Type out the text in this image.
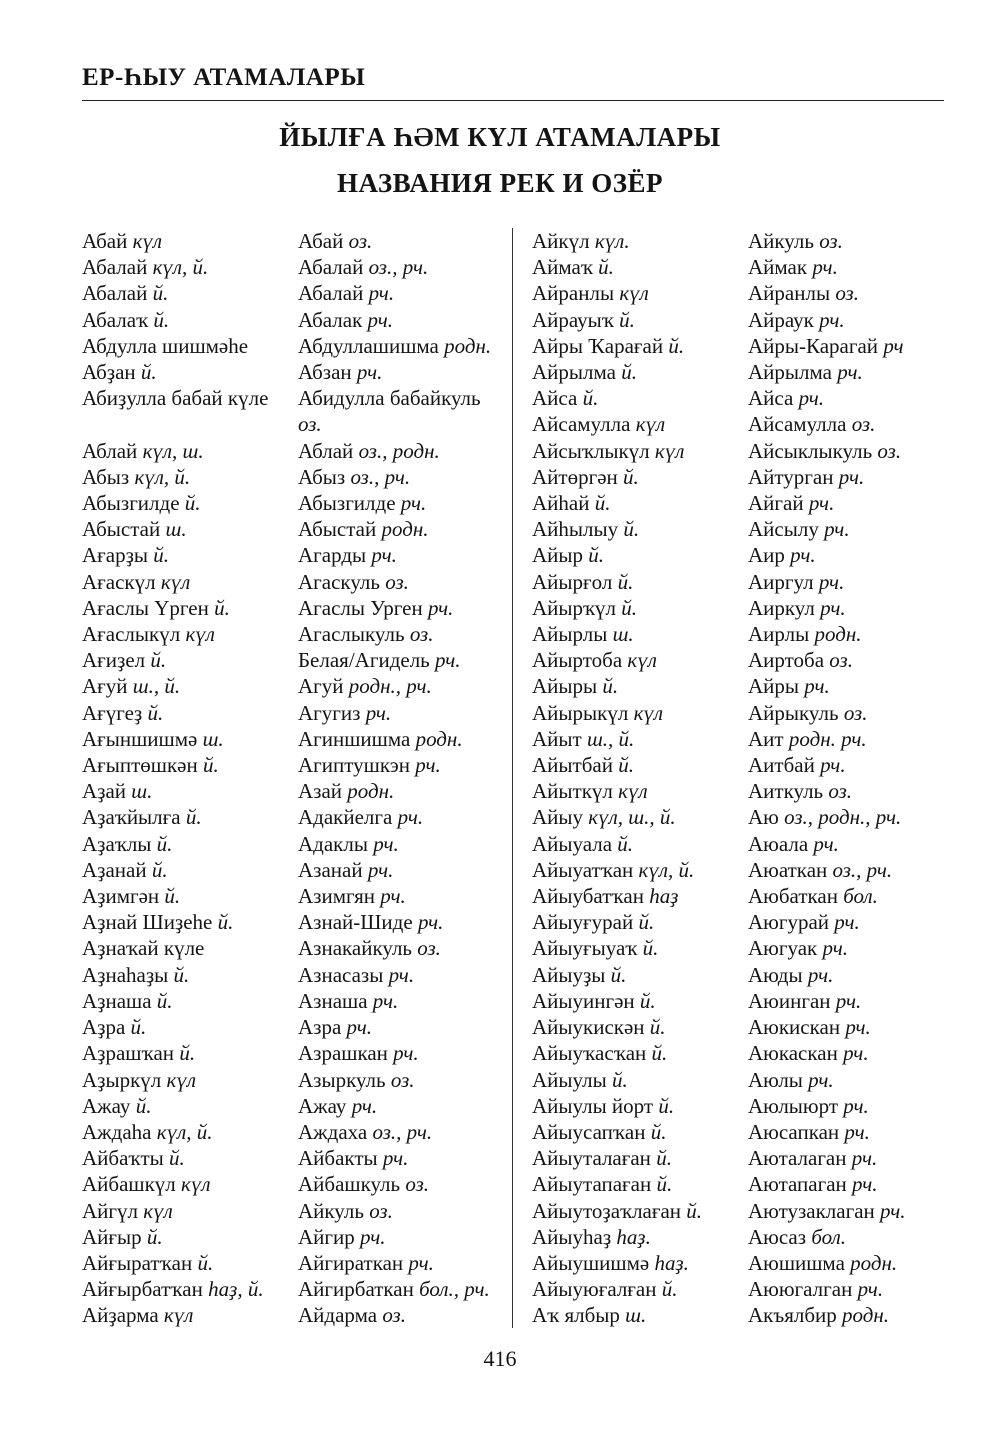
ЕР-ҺЫУ АТАМАЛАРЫ
ЙЫЛҒА ҺӘМ КҮЛ АТАМАЛАРЫ
НАЗВАНИЯ РЕК И ОЗЁР
Абай күл	Абай оз.
Абалай күл, й.	Абалай оз., рч.
Абалай й.	Абалай рч.
Абалаҡ й.	Абалак рч.
Абдулла шишмәһе	Абдуллашишма родн.
Абҙан й.	Абзан рч.
Абиҙулла бабай күле	Абидулла бабайкуль оз.
Аблай күл, ш.	Аблай оз., родн.
Абыз күл, й.	Абыз оз., рч.
Абызгилде й.	Абызгилде рч.
Абыстай ш.	Абыстай родн.
Ағарҙы й.	Агарды рч.
Ағаскүл күл	Агаскуль оз.
Ағаслы Үрген й.	Агаслы Урген рч.
Ағаслыкүл күл	Агаслыкуль оз.
Ағиҙел й.	Белая/Агидель рч.
Ағуй ш., й.	Агуй родн., рч.
Ағүгеҙ й.	Агугиз рч.
Ағыншишмә ш.	Агиншишма родн.
Ағыптөшкән й.	Агиптушкэн рч.
Аҙай ш.	Азай родн.
Аҙаҡйылға й.	Адакйелга рч.
Аҙаҡлы й.	Адаклы рч.
Аҙанай й.	Азанай рч.
Аҙимгән й.	Азимгян рч.
Аҙнай Шиҙеһе й.	Азнай-Шиде рч.
Аҙнаҡай күле	Азнакайкуль оз.
Аҙнаһаҙы й.	Азнасазы рч.
Аҙнаша й.	Азнаша рч.
Аҙра й.	Азра рч.
Аҙрашҡан й.	Азрашкан рч.
Аҙыркүл күл	Азыркуль оз.
Ажау й.	Ажау рч.
Аждаһа күл, й.	Аждаха оз., рч.
Айбаҡты й.	Айбакты рч.
Айбашкүл күл	Айбашкуль оз.
Айгүл күл	Айкуль оз.
Айғыр й.	Айгир рч.
Айғыратҡан й.	Айгираткан рч.
Айғырбатҡан һаҙ, й.	Айгирбаткан бол., рч.
Айҙарма күл	Айдарма оз.
Айкүл күл.	Айкуль оз.
Аймаҡ й.	Аймак рч.
Айранлы күл	Айранлы оз.
Айрауыҡ й.	Айраук рч.
Айры Ҡарағай й.	Айры-Карагай рч
Айрылма й.	Айрылма рч.
Айса й.	Айса рч.
Айсамулла күл	Айсамулла оз.
Айсыҡлыкүл күл	Айсыклыкуль оз.
Айтөргән й.	Айтурган рч.
Айһай й.	Айгай рч.
Айһылыу й.	Айсылу рч.
Айыр й.	Аир рч.
Айырғол й.	Аиргул рч.
Айырҡүл й.	Аиркул рч.
Айырлы ш.	Аирлы родн.
Айыртоба күл	Аиртоба оз.
Айыры й.	Айры рч.
Айырыкүл күл	Айрыкуль оз.
Айыт ш., й.	Аит родн. рч.
Айытбай й.	Аитбай рч.
Айыткүл күл	Аиткуль оз.
Айыу күл, ш., й.	Аю оз., родн., рч.
Айыуала й.	Аюала рч.
Айыуатҡан күл, й.	Аюаткан оз., рч.
Айыубатҡан һаҙ	Аюбаткан бол.
Айыуғурай й.	Аюгурай рч.
Айыуғыуаҡ й.	Аюгуак рч.
Айыуҙы й.	Аюды рч.
Айыуингән й.	Аюинган рч.
Айыукискән й.	Аюкискан рч.
Айыуҡасҡан й.	Аюкаскан рч.
Айыулы й.	Аюлы рч.
Айыулы йорт й.	Аюлыюрт рч.
Айыусапҡан й.	Аюсапкан рч.
Айыуталаған й.	Аюталаган рч.
Айыутапаған й.	Аютапаган рч.
Айыутоҙаҡлаған й.	Аютузаклаган рч.
Айыуһаҙ һаҙ.	Аюсаз бол.
Айыушишмә һаҙ.	Аюшишма родн.
Айыуюғалған й.	Аююгалган рч.
Аҡ ялбыр ш.	Акъялбир родн.
416
